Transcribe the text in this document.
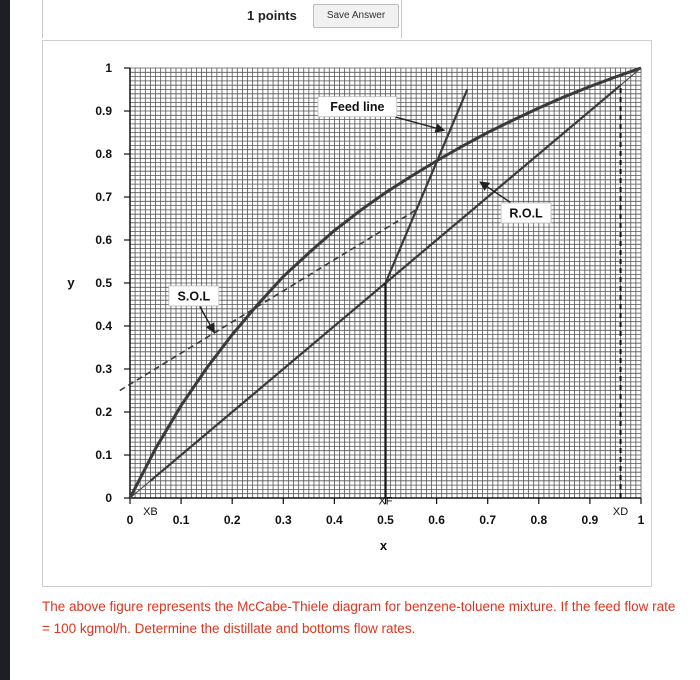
1 points	Save Answer
0
0.1
0.2
0.3
0.4
0.5
0.6
0.7
0.8
0.9
1
0	0.1	0.2	0.3	0.4	0.5	0.6	0.7	0.8	0.9	1
x
y
Feed line
R.O.L
S.O.L
XB
XF
XD
The above figure represents the McCabe-Thiele diagram for benzene-toluene mixture. If the feed flow rate = 100 kgmol/h. Determine the distillate and bottoms flow rates.
